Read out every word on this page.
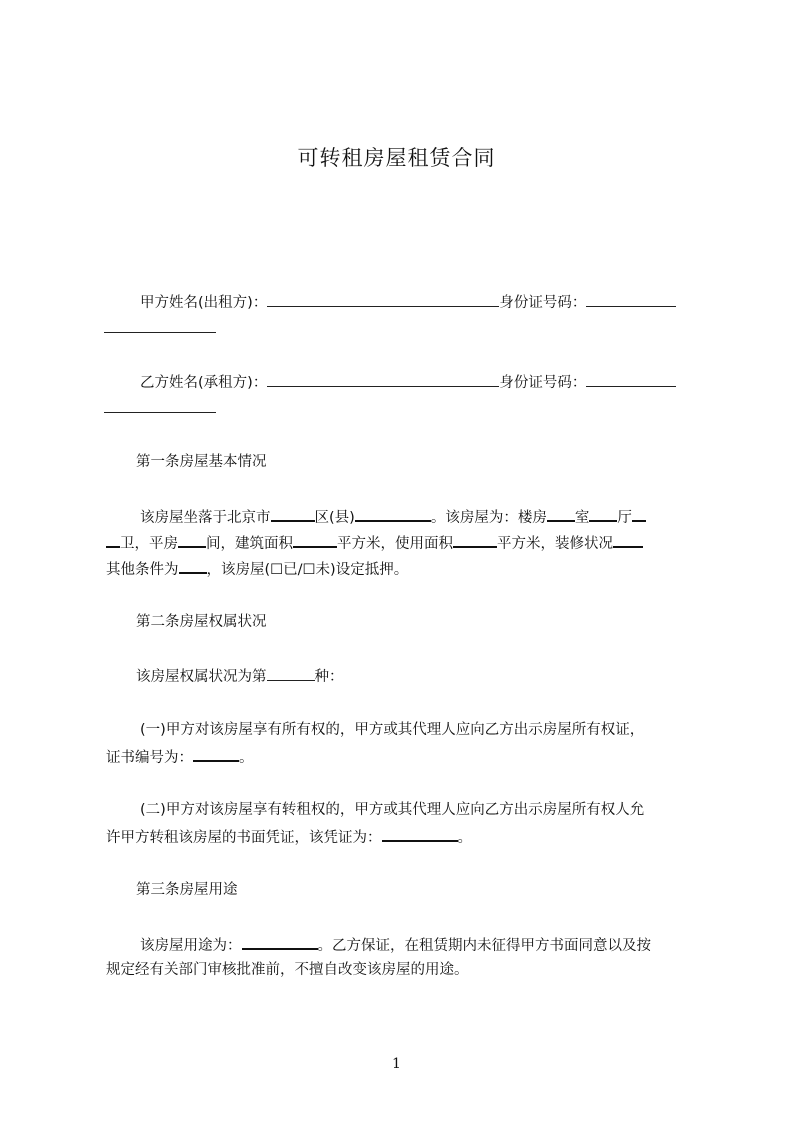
可转租房屋租赁合同
甲方姓名(出租方)：	身份证号码：
乙方姓名(承租方)：	身份证号码：
第一条房屋基本情况
该房屋坐落于北京市	区(县)	。该房屋为：楼房 室 厅
卫，平房 间，建筑面积	平方米，使用面积	平方米，装修状况
其他条件为 ，该房屋(☐已/☐未)设定抵押。
第二条房屋权属状况
该房屋权属状况为第	种：
(一)甲方对该房屋享有所有权的，甲方或其代理人应向乙方出示房屋所有权证，
证书编号为：	。
(二)甲方对该房屋享有转租权的，甲方或其代理人应向乙方出示房屋所有权人允
许甲方转租该房屋的书面凭证，该凭证为：	。
第三条房屋用途
该房屋用途为：	。乙方保证，在租赁期内未征得甲方书面同意以及按
规定经有关部门审核批准前，不擅自改变该房屋的用途。
1
